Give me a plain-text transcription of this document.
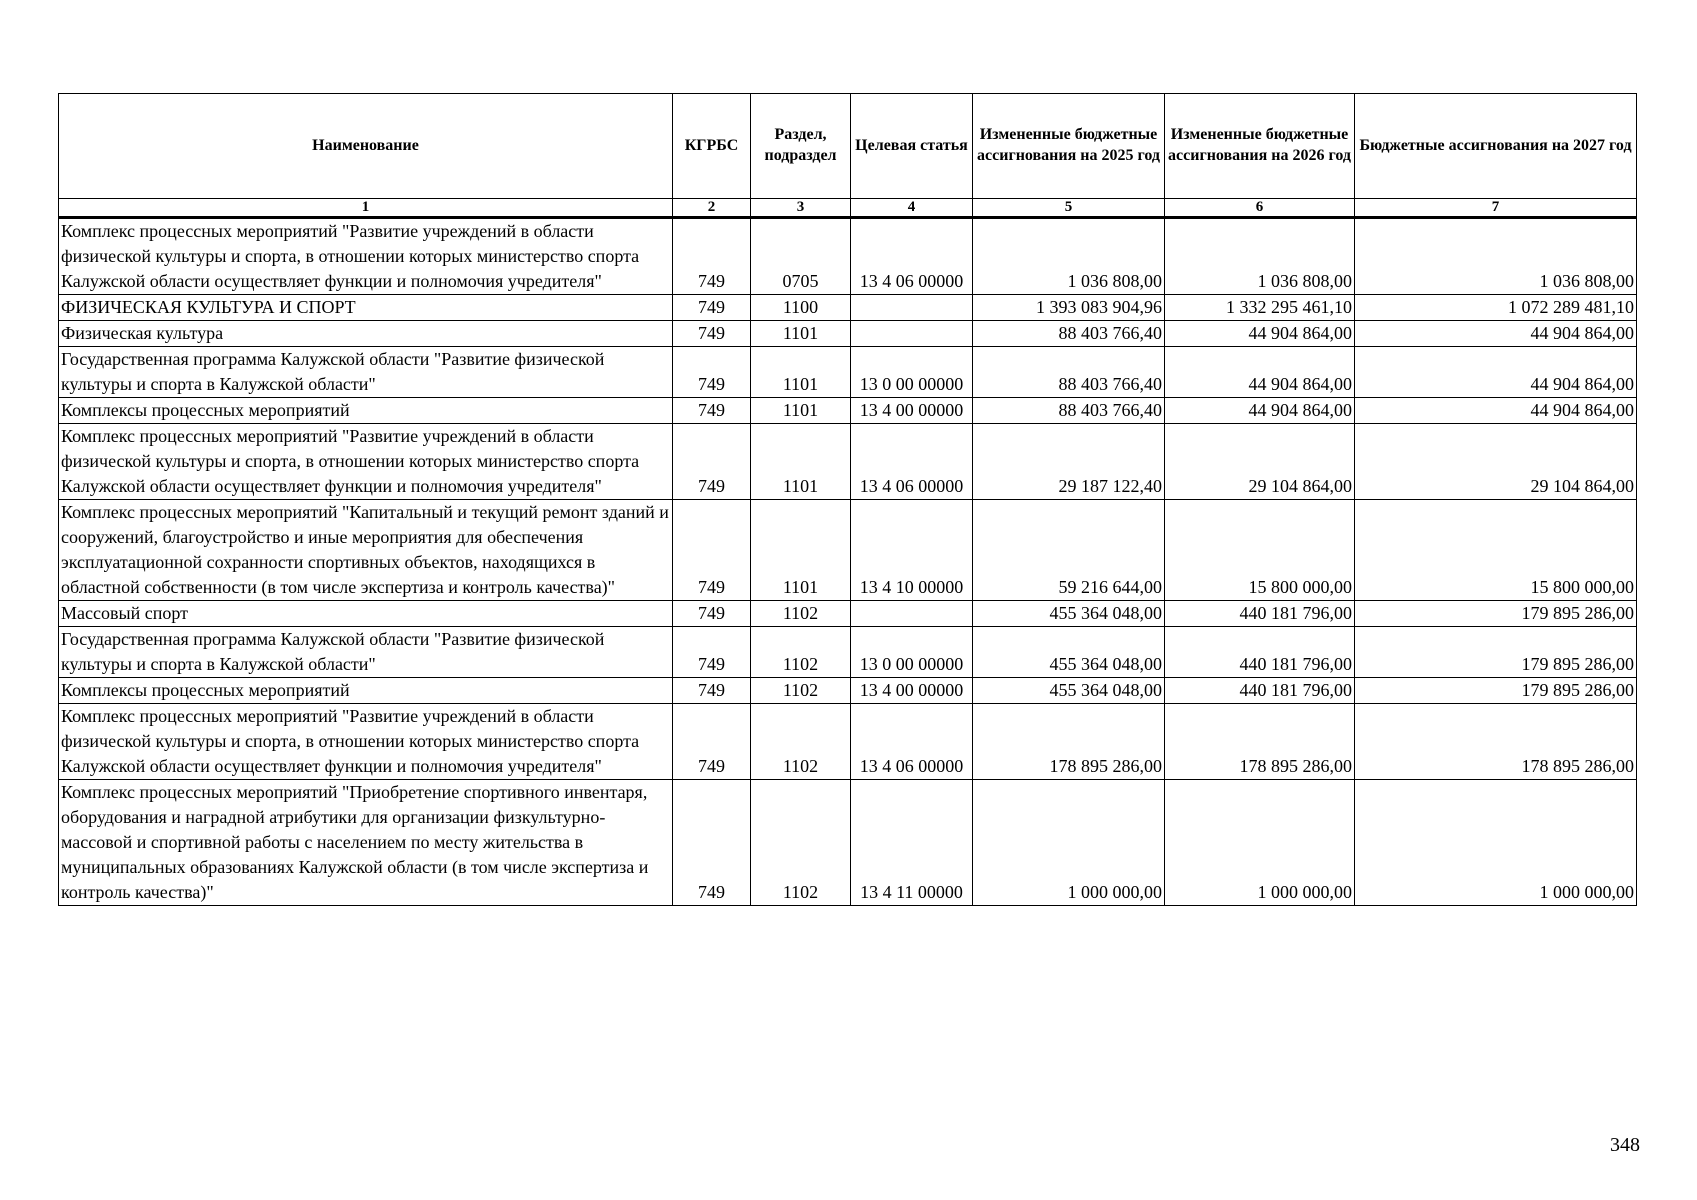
Наименование	КГРБС	Раздел, подраздел	Целевая статья	Измененные бюджетные ассигнования на 2025 год	Измененные бюджетные ассигнования на 2026 год	Бюджетные ассигнования на 2027 год
1	2	3	4	5	6	7
Комплекс процессных мероприятий "Развитие учреждений в области физической культуры и спорта, в отношении которых министерство спорта Калужской области осуществляет функции и полномочия учредителя"	749	0705	13 4 06 00000	1 036 808,00	1 036 808,00	1 036 808,00
ФИЗИЧЕСКАЯ КУЛЬТУРА И СПОРТ	749	1100		1 393 083 904,96	1 332 295 461,10	1 072 289 481,10
Физическая культура	749	1101		88 403 766,40	44 904 864,00	44 904 864,00
Государственная программа Калужской области "Развитие физической культуры и спорта в Калужской области"	749	1101	13 0 00 00000	88 403 766,40	44 904 864,00	44 904 864,00
Комплексы процессных мероприятий	749	1101	13 4 00 00000	88 403 766,40	44 904 864,00	44 904 864,00
Комплекс процессных мероприятий "Развитие учреждений в области физической культуры и спорта, в отношении которых министерство спорта Калужской области осуществляет функции и полномочия учредителя"	749	1101	13 4 06 00000	29 187 122,40	29 104 864,00	29 104 864,00
Комплекс процессных мероприятий "Капитальный и текущий ремонт зданий и сооружений, благоустройство и иные мероприятия для обеспечения эксплуатационной сохранности спортивных объектов, находящихся в областной собственности (в том числе экспертиза и контроль качества)"	749	1101	13 4 10 00000	59 216 644,00	15 800 000,00	15 800 000,00
Массовый спорт	749	1102		455 364 048,00	440 181 796,00	179 895 286,00
Государственная программа Калужской области "Развитие физической культуры и спорта в Калужской области"	749	1102	13 0 00 00000	455 364 048,00	440 181 796,00	179 895 286,00
Комплексы процессных мероприятий	749	1102	13 4 00 00000	455 364 048,00	440 181 796,00	179 895 286,00
Комплекс процессных мероприятий "Развитие учреждений в области физической культуры и спорта, в отношении которых министерство спорта Калужской области осуществляет функции и полномочия учредителя"	749	1102	13 4 06 00000	178 895 286,00	178 895 286,00	178 895 286,00
Комплекс процессных мероприятий "Приобретение спортивного инвентаря, оборудования и наградной атрибутики для организации физкультурно-массовой и спортивной работы с населением по месту жительства в муниципальных образованиях Калужской области (в том числе экспертиза и контроль качества)"	749	1102	13 4 11 00000	1 000 000,00	1 000 000,00	1 000 000,00
348
